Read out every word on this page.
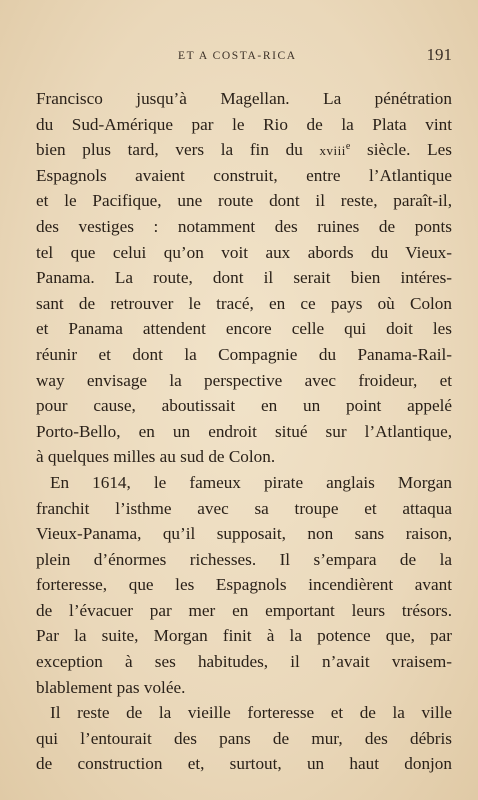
ET A COSTA-RICA	191
Francisco jusqu’à Magellan. La pénétration
du Sud-Amérique par le Rio de la Plata vint
bien plus tard, vers la fin du xviii$^e$ siècle. Les
Espagnols avaient construit, entre l’Atlantique
et le Pacifique, une route dont il reste, paraît-il,
des vestiges : notamment des ruines de ponts
tel que celui qu’on voit aux abords du Vieux-
Panama. La route, dont il serait bien intéres-
sant de retrouver le tracé, en ce pays où Colon
et Panama attendent encore celle qui doit les
réunir et dont la Compagnie du Panama-Rail-
way envisage la perspective avec froideur, et
pour cause, aboutissait en un point appelé
Porto-Bello, en un endroit situé sur l’Atlantique,
à quelques milles au sud de Colon.
En 1614, le fameux pirate anglais Morgan
franchit l’isthme avec sa troupe et attaqua
Vieux-Panama, qu’il supposait, non sans raison,
plein d’énormes richesses. Il s’empara de la
forteresse, que les Espagnols incendièrent avant
de l’évacuer par mer en emportant leurs trésors.
Par la suite, Morgan finit à la potence que, par
exception à ses habitudes, il n’avait vraisem-
blablement pas volée.
Il reste de la vieille forteresse et de la ville
qui l’entourait des pans de mur, des débris
de construction et, surtout, un haut donjon
